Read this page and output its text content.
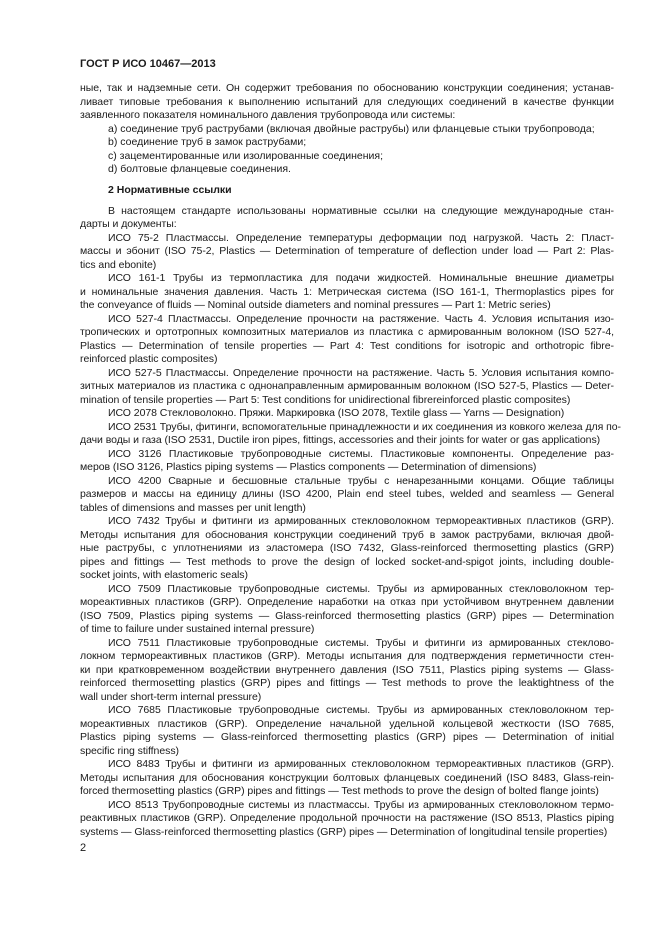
ГОСТ Р ИСО 10467—2013
ные, так и надземные сети. Он содержит требования по обоснованию конструкции соединения; устанав-
ливает типовые требования к выполнению испытаний для следующих соединений в качестве функции
заявленного показателя номинального давления трубопровода или системы:
a) соединение труб раструбами (включая двойные раструбы) или фланцевые стыки трубопровода;
b) соединение труб в замок раструбами;
c) зацементированные или изолированные соединения;
d) болтовые фланцевые соединения.
2 Нормативные ссылки
В настоящем стандарте использованы нормативные ссылки на следующие международные стан-
дарты и документы:
ИСО 75-2 Пластмассы. Определение температуры деформации под нагрузкой. Часть 2: Пласт-
массы и эбонит (ISO 75-2, Plastics — Determination of temperature of deflection under load — Part 2: Plas-
tics and ebonite)
ИСО 161-1 Трубы из термопластика для подачи жидкостей. Номинальные внешние диаметры
и номинальные значения давления. Часть 1: Метрическая система (ISO 161-1, Thermoplastics pipes for
the conveyance of fluids — Nominal outside diameters and nominal pressures — Part 1: Metric series)
ИСО 527-4 Пластмассы. Определение прочности на растяжение. Часть 4. Условия испытания изо-
тропических и ортотропных композитных материалов из пластика с армированным волокном (ISO 527-4,
Plastics — Determination of tensile properties — Part 4: Test conditions for isotropic and orthotropic fibre-
reinforced plastic composites)
ИСО 527-5 Пластмассы. Определение прочности на растяжение. Часть 5. Условия испытания компо-
зитных материалов из пластика с однонаправленным армированным волокном (ISO 527-5, Plastics — Deter-
mination of tensile properties — Part 5: Test conditions for unidirectional fibrereinforced plastic composites)
ИСО 2078 Стекловолокно. Пряжи. Маркировка (ISO 2078, Textile glass — Yarns — Designation)
ИСО 2531 Трубы, фитинги, вспомогательные принадлежности и их соединения из ковкого железа для по-
дачи воды и газа (ISO 2531, Ductile iron pipes, fittings, accessories and their joints for water or gas applications)
ИСО 3126 Пластиковые трубопроводные системы. Пластиковые компоненты. Определение раз-
меров (ISO 3126, Plastics piping systems — Plastics components — Determination of dimensions)
ИСО 4200 Сварные и бесшовные стальные трубы с ненарезанными концами. Общие таблицы
размеров и массы на единицу длины (ISO 4200, Plain end steel tubes, welded and seamless — General
tables of dimensions and masses per unit length)
ИСО 7432 Трубы и фитинги из армированных стекловолокном термореактивных пластиков (GRP).
Методы испытания для обоснования конструкции соединений труб в замок раструбами, включая двой-
ные раструбы, с уплотнениями из эластомера (ISO 7432, Glass-reinforced thermosetting plastics (GRP)
pipes and fittings — Test methods to prove the design of locked socket-and-spigot joints, including double-
socket joints, with elastomeric seals)
ИСО 7509 Пластиковые трубопроводные системы. Трубы из армированных стекловолокном тер-
мореактивных пластиков (GRP). Определение наработки на отказ при устойчивом внутреннем давлении
(ISO 7509, Plastics piping systems — Glass-reinforced thermosetting plastics (GRP) pipes — Determination
of time to failure under sustained internal pressure)
ИСО 7511 Пластиковые трубопроводные системы. Трубы и фитинги из армированных стеклово-
локном термореактивных пластиков (GRP). Методы испытания для подтверждения герметичности стен-
ки при кратковременном воздействии внутреннего давления (ISO 7511, Plastics piping systems — Glass-
reinforced thermosetting plastics (GRP) pipes and fittings — Test methods to prove the leaktightness of the
wall under short-term internal pressure)
ИСО 7685 Пластиковые трубопроводные системы. Трубы из армированных стекловолокном тер-
мореактивных пластиков (GRP). Определение начальной удельной кольцевой жесткости (ISO 7685,
Plastics piping systems — Glass-reinforced thermosetting plastics (GRP) pipes — Determination of initial
specific ring stiffness)
ИСО 8483 Трубы и фитинги из армированных стекловолокном термореактивных пластиков (GRP).
Методы испытания для обоснования конструкции болтовых фланцевых соединений (ISO 8483, Glass-rein-
forced thermosetting plastics (GRP) pipes and fittings — Test methods to prove the design of bolted flange joints)
ИСО 8513 Трубопроводные системы из пластмассы. Трубы из армированных стекловолокном термо-
реактивных пластиков (GRP). Определение продольной прочности на растяжение (ISO 8513, Plastics piping
systems — Glass-reinforced thermosetting plastics (GRP) pipes — Determination of longitudinal tensile properties)
2
